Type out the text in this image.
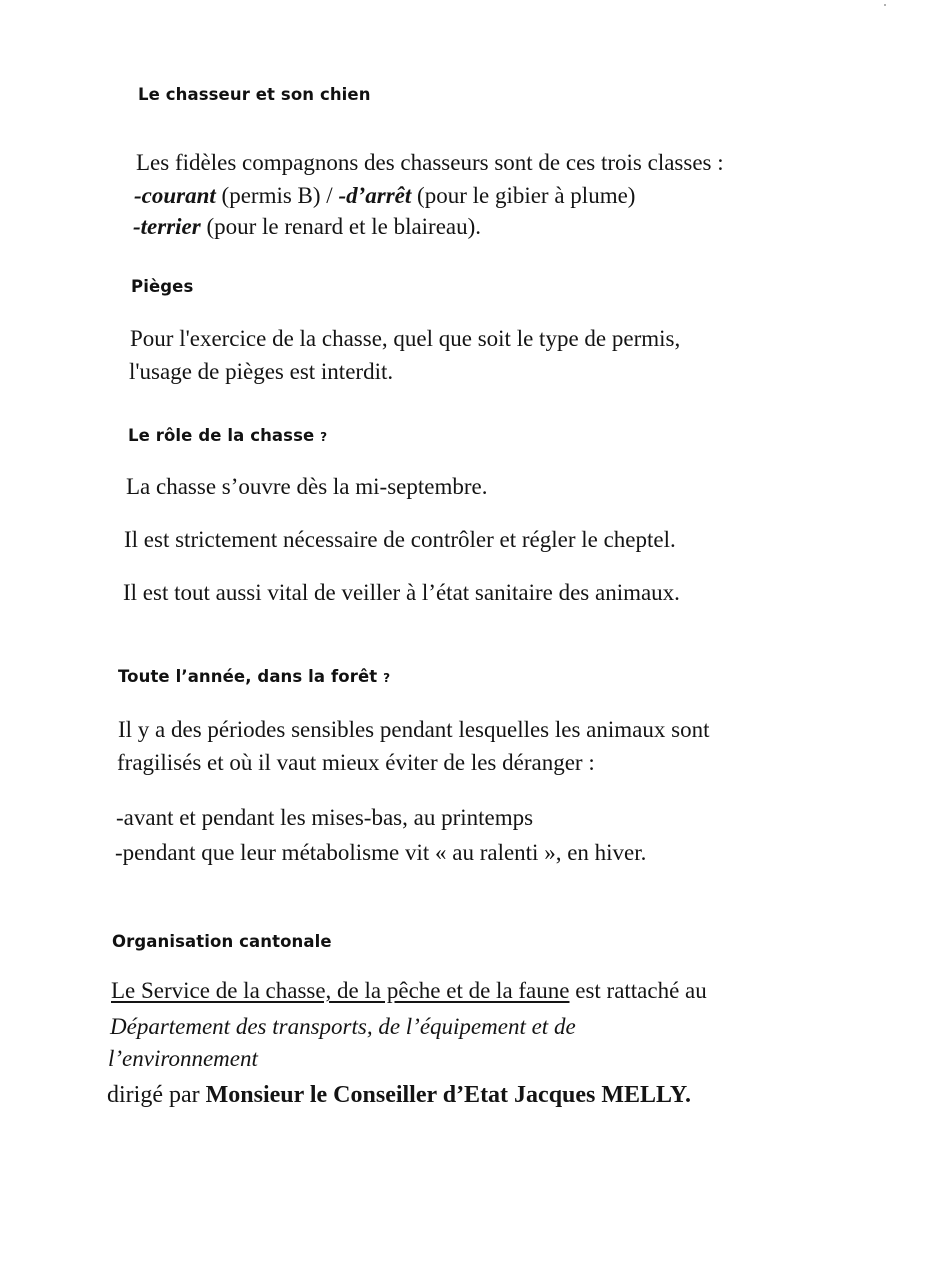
Le chasseur et son chien

Les fidèles compagnons des chasseurs sont de ces trois classes :

-courant (permis B) / -d’arrêt (pour le gibier à plume)

-terrier (pour le renard et le blaireau).

Pièges

Pour l'exercice de la chasse, quel que soit le type de permis,

l'usage de pièges est interdit.

Le rôle de la chasse ?

La chasse s’ouvre dès la mi-septembre.

Il est strictement nécessaire de contrôler et régler le cheptel.

Il est tout aussi vital de veiller à l’état sanitaire des animaux.

Toute l’année, dans la forêt ?

Il y a des périodes sensibles pendant lesquelles les animaux sont

fragilisés et où il vaut mieux éviter de les déranger :

-avant et pendant les mises-bas, au printemps

-pendant que leur métabolisme vit « au ralenti », en hiver.

Organisation cantonale

Le Service de la chasse, de la pêche et de la faune est rattaché au

Département des transports, de l’équipement et de

l’environnement

dirigé par Monsieur le Conseiller d’Etat Jacques MELLY.
